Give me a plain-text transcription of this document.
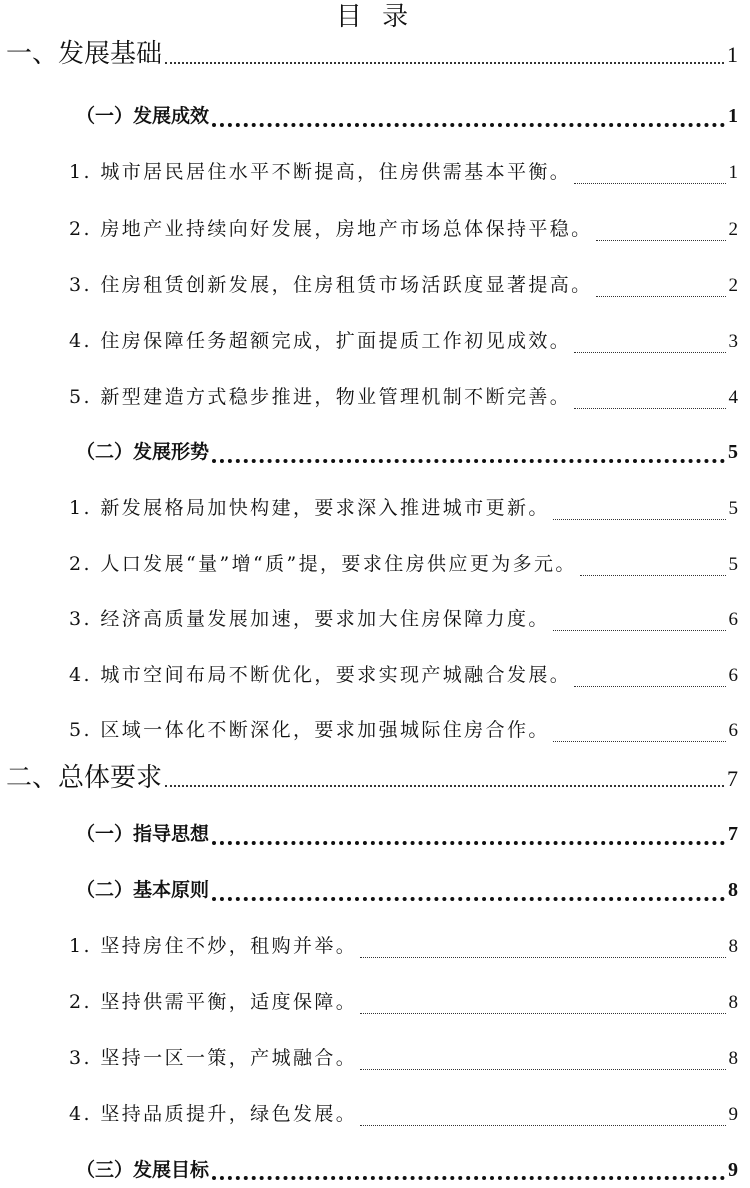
目 录
一、发展基础	1
（一）发展成效	1
1. 城市居民居住水平不断提高，住房供需基本平衡。	1
2. 房地产业持续向好发展，房地产市场总体保持平稳。	2
3. 住房租赁创新发展，住房租赁市场活跃度显著提高。	2
4. 住房保障任务超额完成，扩面提质工作初见成效。	3
5. 新型建造方式稳步推进，物业管理机制不断完善。	4
（二）发展形势	5
1. 新发展格局加快构建，要求深入推进城市更新。	5
2. 人口发展“量”增“质”提，要求住房供应更为多元。	5
3. 经济高质量发展加速，要求加大住房保障力度。	6
4. 城市空间布局不断优化，要求实现产城融合发展。	6
5. 区域一体化不断深化，要求加强城际住房合作。	6
二、总体要求	7
（一）指导思想	7
（二）基本原则	8
1. 坚持房住不炒，租购并举。	8
2. 坚持供需平衡，适度保障。	8
3. 坚持一区一策，产城融合。	8
4. 坚持品质提升，绿色发展。	9
（三）发展目标	9
